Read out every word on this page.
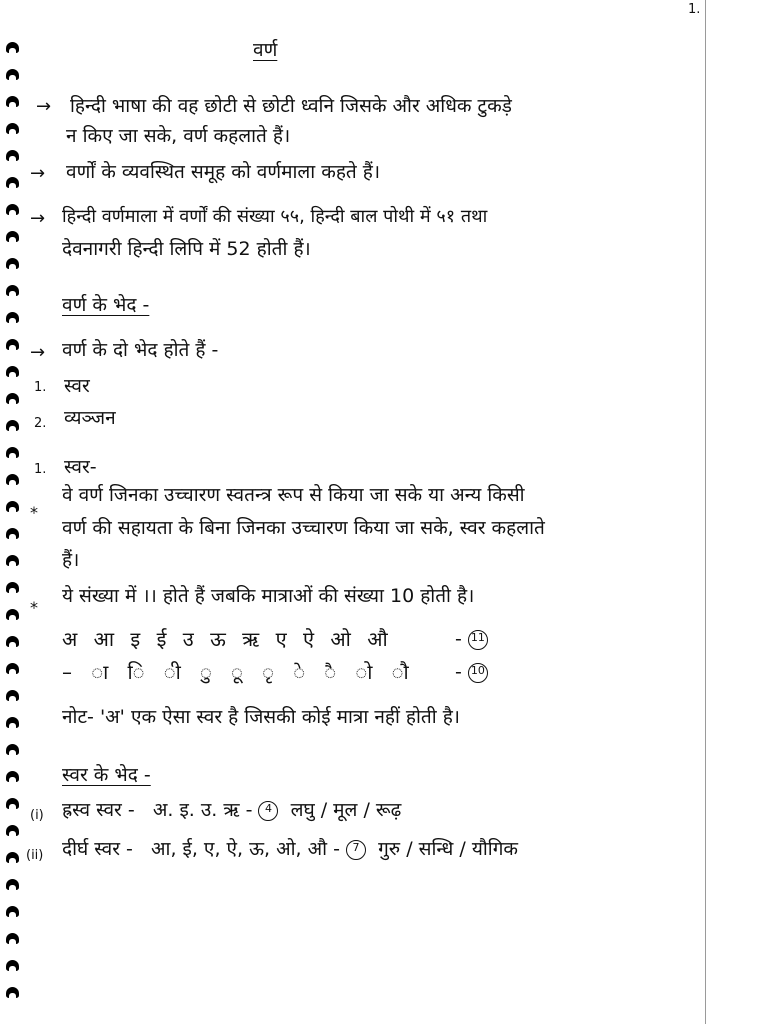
1.
वर्ण
→ हिन्दी भाषा की वह छोटी से छोटी ध्वनि जिसके और अधिक टुकड़े
न किए जा सके, वर्ण कहलाते हैं।
→ वर्णों के व्यवस्थित समूह को वर्णमाला कहते हैं।
→ हिन्दी वर्णमाला में वर्णों की संख्या ५५, हिन्दी बाल पोथी में ५१ तथा
देवनागरी हिन्दी लिपि में 52 होती हैं।
वर्ण के भेद -
→ वर्ण के दो भेद होते हैं -
1. स्वर
2. व्यञ्जन
1. स्वर-
*
वे वर्ण जिनका उच्चारण स्वतन्त्र रूप से किया जा सके या अन्य किसी
वर्ण की सहायता के बिना जिनका उच्चारण किया जा सके, स्वर कहलाते
हैं।
*
ये संख्या में ।। होते हैं जबकि मात्राओं की संख्या 10 होती है।
अ आ इ ई उ ऊ ऋ ए ऐ ओ औ	- 11
– ा ि ी ु ू ृ े ै ो ौ - 10
नोट- 'अ' एक ऐसा स्वर है जिसकी कोई मात्रा नहीं होती है।
स्वर के भेद -
(i) ह्रस्व स्वर - अ. इ. उ. ऋ - 4 लघु / मूल / रूढ़
(ii) दीर्घ स्वर - आ, ई, ए, ऐ, ऊ, ओ, औ - 7 गुरु / सन्धि / यौगिक
